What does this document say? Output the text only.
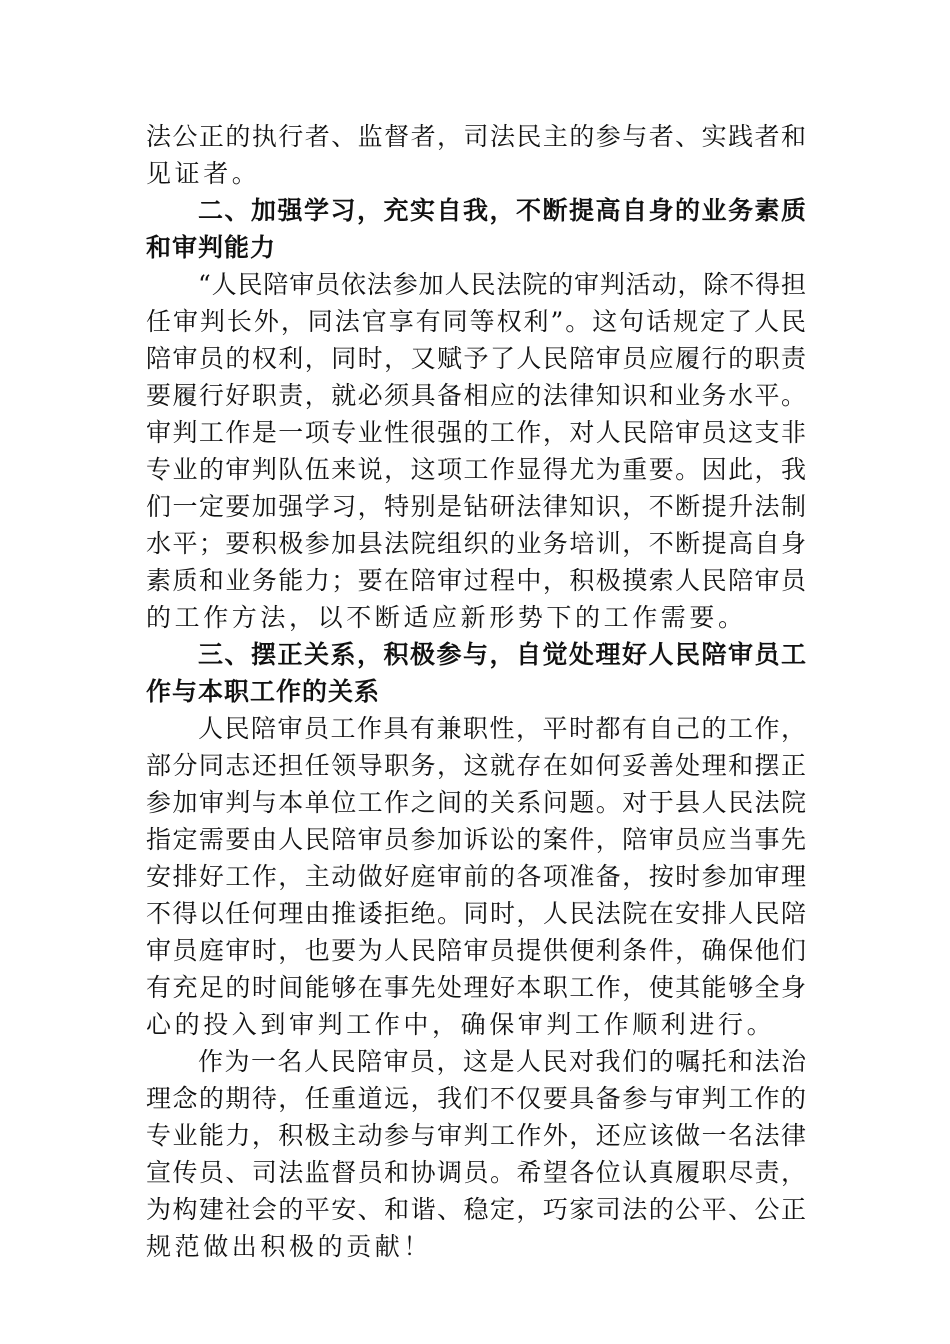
法公正的执行者、监督者，司法民主的参与者、实践者和
见证者。
二、加强学习，充实自我，不断提高自身的业务素质
和审判能力
“人民陪审员依法参加人民法院的审判活动，除不得担
任审判长外，同法官享有同等权利”。这句话规定了人民
陪审员的权利，同时，又赋予了人民陪审员应履行的职责
要履行好职责，就必须具备相应的法律知识和业务水平。
审判工作是一项专业性很强的工作，对人民陪审员这支非
专业的审判队伍来说，这项工作显得尤为重要。因此，我
们一定要加强学习，特别是钻研法律知识，不断提升法制
水平；要积极参加县法院组织的业务培训，不断提高自身
素质和业务能力；要在陪审过程中，积极摸索人民陪审员
的工作方法，以不断适应新形势下的工作需要。
三、摆正关系，积极参与，自觉处理好人民陪审员工
作与本职工作的关系
人民陪审员工作具有兼职性，平时都有自己的工作，
部分同志还担任领导职务，这就存在如何妥善处理和摆正
参加审判与本单位工作之间的关系问题。对于县人民法院
指定需要由人民陪审员参加诉讼的案件，陪审员应当事先
安排好工作，主动做好庭审前的各项准备，按时参加审理
不得以任何理由推诿拒绝。同时，人民法院在安排人民陪
审员庭审时，也要为人民陪审员提供便利条件，确保他们
有充足的时间能够在事先处理好本职工作，使其能够全身
心的投入到审判工作中，确保审判工作顺利进行。
作为一名人民陪审员，这是人民对我们的嘱托和法治
理念的期待，任重道远，我们不仅要具备参与审判工作的
专业能力，积极主动参与审判工作外，还应该做一名法律
宣传员、司法监督员和协调员。希望各位认真履职尽责，
为构建社会的平安、和谐、稳定，巧家司法的公平、公正
规范做出积极的贡献！
